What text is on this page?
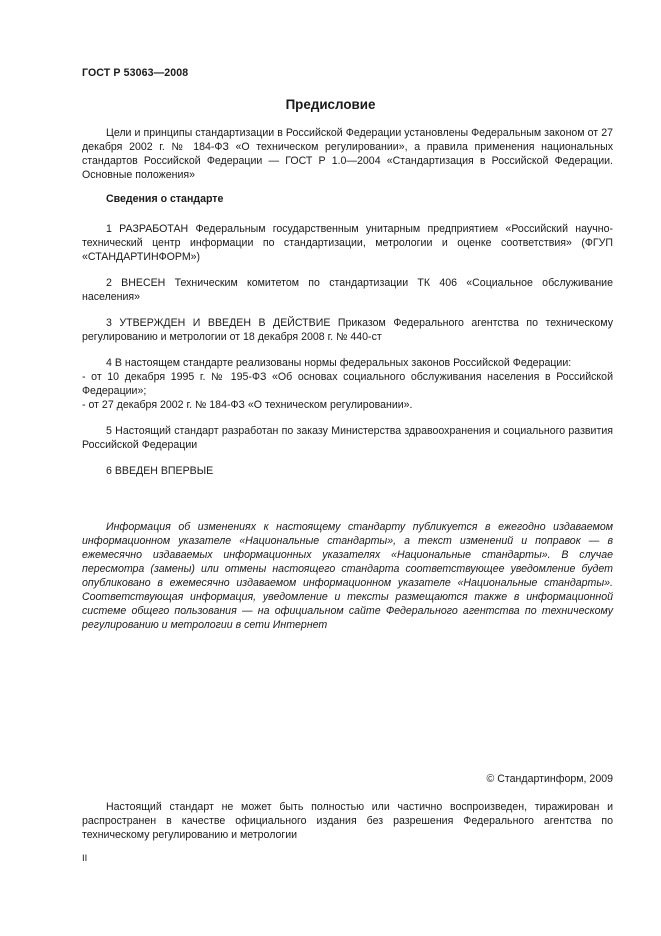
ГОСТ Р 53063—2008
Предисловие

Цели и принципы стандартизации в Российской Федерации установлены Федеральным законом от 27 декабря 2002 г. № 184-ФЗ «О техническом регулировании», а правила применения национальных стандартов Российской Федерации — ГОСТ Р 1.0—2004 «Стандартизация в Российской Федерации. Основные положения»

Сведения о стандарте

1 РАЗРАБОТАН Федеральным государственным унитарным предприятием «Российский научно-технический центр информации по стандартизации, метрологии и оценке соответствия» (ФГУП «СТАНДАРТИНФОРМ»)

2 ВНЕСЕН Техническим комитетом по стандартизации ТК 406 «Социальное обслуживание населения»

3 УТВЕРЖДЕН И ВВЕДЕН В ДЕЙСТВИЕ Приказом Федерального агентства по техническому регулированию и метрологии от 18 декабря 2008 г. № 440-ст

4 В настоящем стандарте реализованы нормы федеральных законов Российской Федерации:

- от 10 декабря 1995 г. № 195-ФЗ «Об основах социального обслуживания населения в Российской Федерации»;

- от 27 декабря 2002 г. № 184-ФЗ «О техническом регулировании».

5 Настоящий стандарт разработан по заказу Министерства здравоохранения и социального развития Российской Федерации

6 ВВЕДЕН ВПЕРВЫЕ

Информация об изменениях к настоящему стандарту публикуется в ежегодно издаваемом информационном указателе «Национальные стандарты», а текст изменений и поправок — в ежемесячно издаваемых информационных указателях «Национальные стандарты». В случае пересмотра (замены) или отмены настоящего стандарта соответствующее уведомление будет опубликовано в ежемесячно издаваемом информационном указателе «Национальные стандарты». Соответствующая информация, уведомление и тексты размещаются также в информационной системе общего пользования — на официальном сайте Федерального агентства по техническому регулированию и метрологии в сети Интернет

© Стандартинформ, 2009

Настоящий стандарт не может быть полностью или частично воспроизведен, тиражирован и распространен в качестве официального издания без разрешения Федерального агентства по техническому регулированию и метрологии

II
